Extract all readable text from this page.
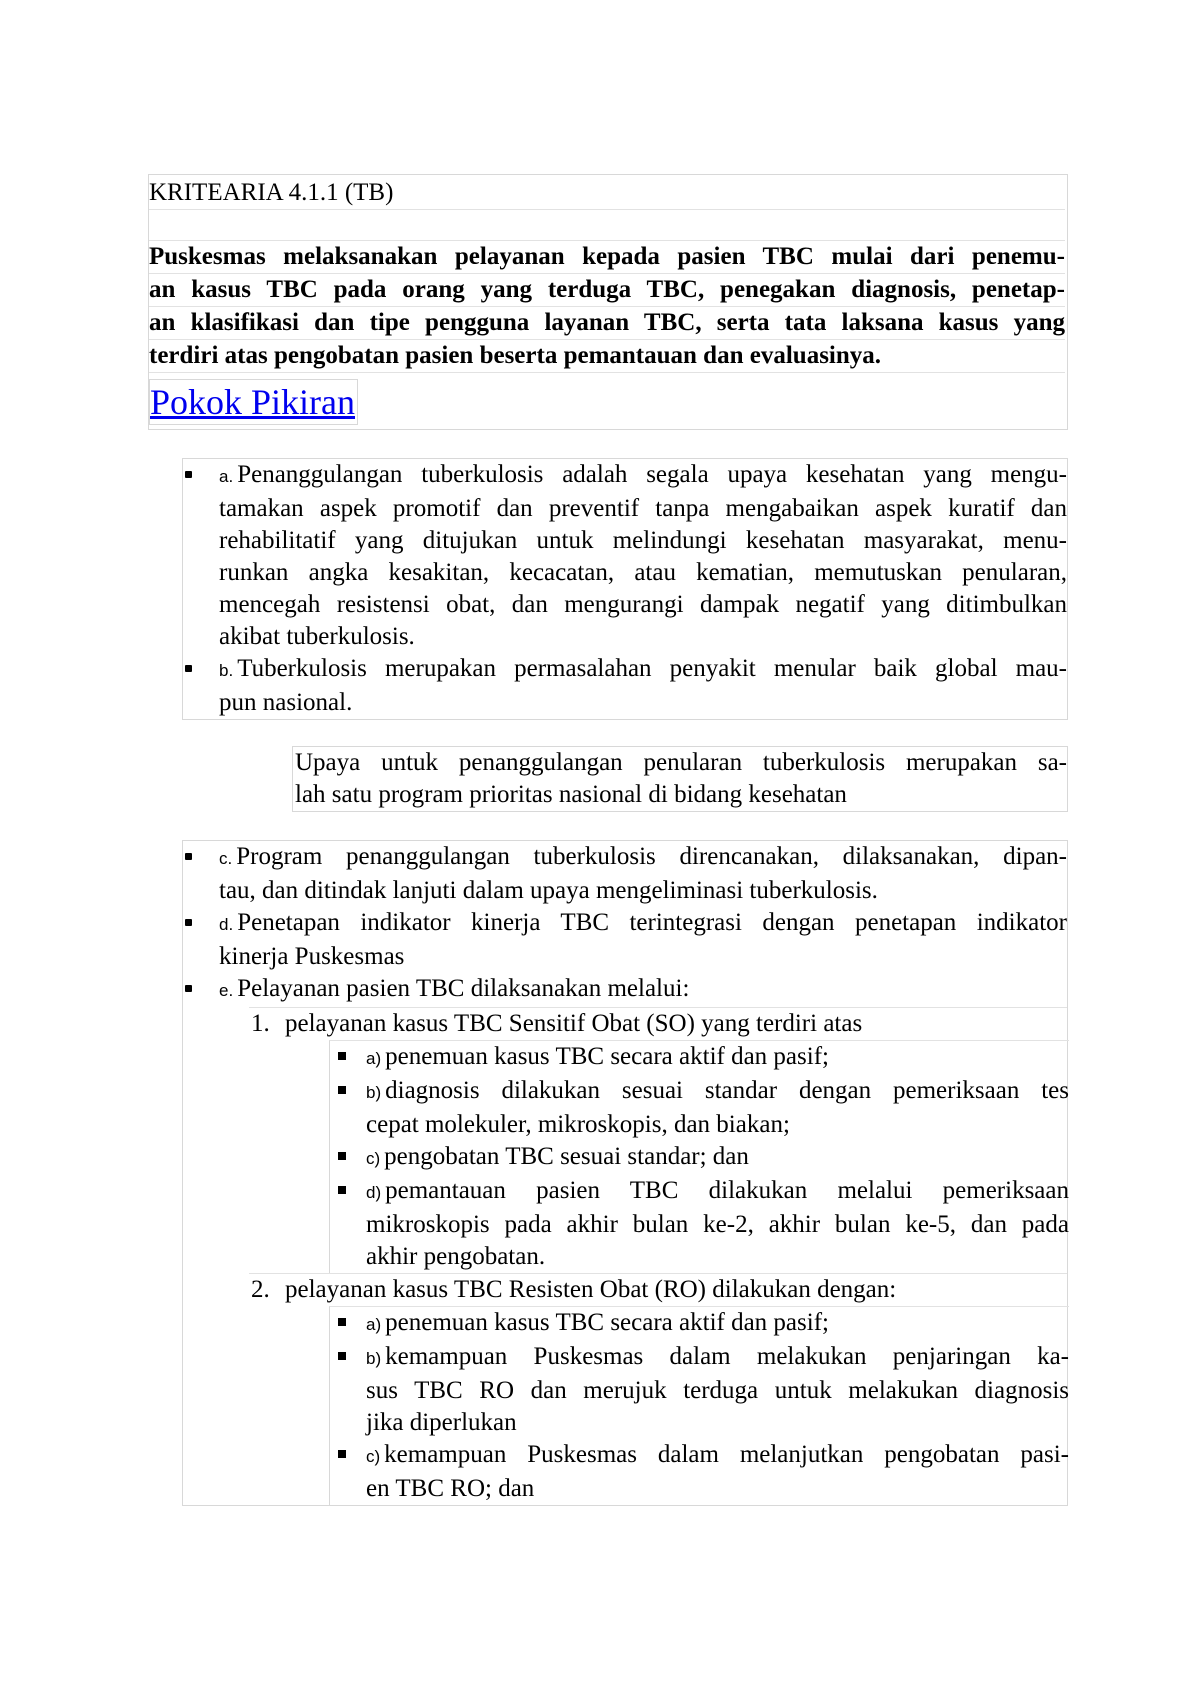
KRITEARIA 4.1.1 (TB)
Puskesmas melaksanakan pelayanan kepada pasien TBC mulai dari penemu-
an kasus TBC pada orang yang terduga TBC, penegakan diagnosis, penetap-
an klasifikasi dan tipe pengguna layanan TBC, serta tata laksana kasus yang
terdiri atas pengobatan pasien beserta pemantauan dan evaluasinya.
Pokok Pikiran
a. Penanggulangan tuberkulosis adalah segala upaya kesehatan yang mengu-
tamakan aspek promotif dan preventif tanpa mengabaikan aspek kuratif dan
rehabilitatif yang ditujukan untuk melindungi kesehatan masyarakat, menu-
runkan angka kesakitan, kecacatan, atau kematian, memutuskan penularan,
mencegah resistensi obat, dan mengurangi dampak negatif yang ditimbulkan
akibat tuberkulosis.
b. Tuberkulosis merupakan permasalahan penyakit menular baik global mau-
pun nasional.
Upaya untuk penanggulangan penularan tuberkulosis merupakan sa-
lah satu program prioritas nasional di bidang kesehatan
c. Program penanggulangan tuberkulosis direncanakan, dilaksanakan, dipan-
tau, dan ditindak lanjuti dalam upaya mengeliminasi tuberkulosis.
d. Penetapan indikator kinerja TBC terintegrasi dengan penetapan indikator
kinerja Puskesmas
e. Pelayanan pasien TBC dilaksanakan melalui:
1. pelayanan kasus TBC Sensitif Obat (SO) yang terdiri atas
a) penemuan kasus TBC secara aktif dan pasif;
b) diagnosis dilakukan sesuai standar dengan pemeriksaan tes
cepat molekuler, mikroskopis, dan biakan;
c) pengobatan TBC sesuai standar; dan
d) pemantauan pasien TBC dilakukan melalui pemeriksaan
mikroskopis pada akhir bulan ke-2, akhir bulan ke-5, dan pada
akhir pengobatan.
2. pelayanan kasus TBC Resisten Obat (RO) dilakukan dengan:
a) penemuan kasus TBC secara aktif dan pasif;
b) kemampuan Puskesmas dalam melakukan penjaringan ka-
sus TBC RO dan merujuk terduga untuk melakukan diagnosis
jika diperlukan
c) kemampuan Puskesmas dalam melanjutkan pengobatan pasi-
en TBC RO; dan
